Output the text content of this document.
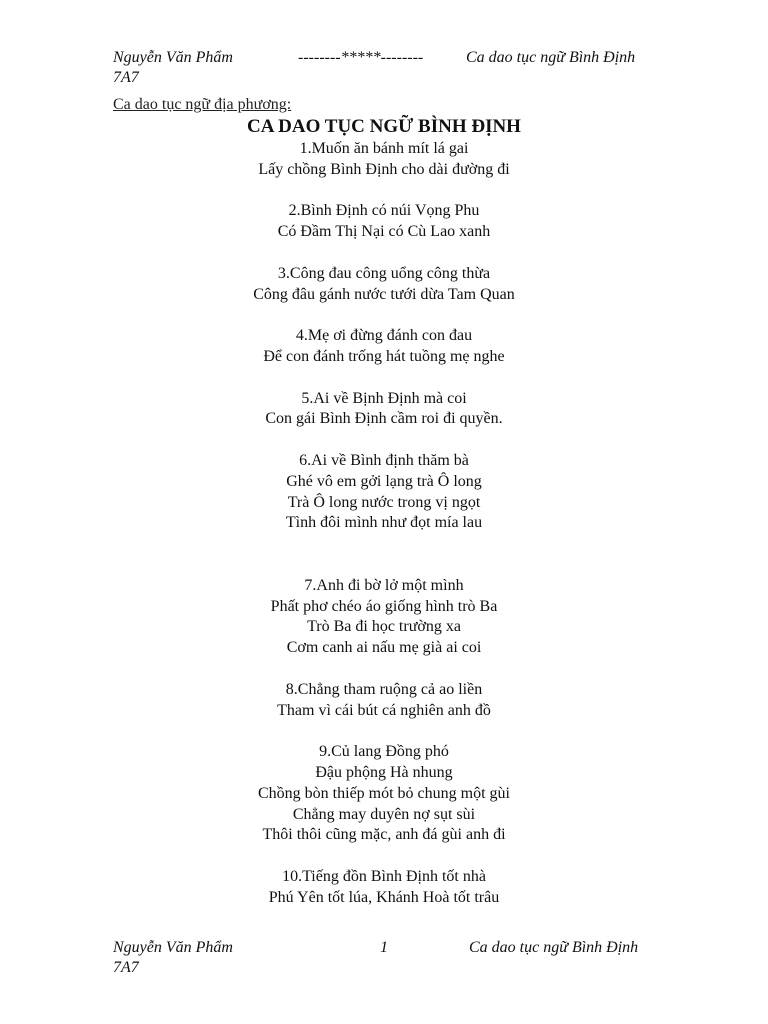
Nguyễn Văn Phẩm	--------*****--------	Ca dao tục ngữ Bình Định
7A7
Ca dao tục ngữ địa phương:
CA DAO TỤC NGỮ BÌNH ĐỊNH
1.Muốn ăn bánh mít lá gai
Lấy chồng Bình Định cho dài đường đi
2.Bình Định có núi Vọng Phu
Có Đầm Thị Nại có Cù Lao xanh
3.Công đau công uổng công thừa
Công đâu gánh nước tưới dừa Tam Quan
4.Mẹ ơi đừng đánh con đau
Để con đánh trống hát tuồng mẹ nghe
5.Ai về Bịnh Định mà coi
Con gái Bình Định cầm roi đi quyền.
6.Ai về Bình định thăm bà
Ghé vô em gởi lạng trà Ô long
Trà Ô long nước trong vị ngọt
Tình đôi mình như đọt mía lau
7.Anh đi bờ lở một mình
Phất phơ chéo áo giống hình trò Ba
Trò Ba đi học trường xa
Cơm canh ai nấu mẹ già ai coi
8.Chẳng tham ruộng cả ao liền
Tham vì cái bút cá nghiên anh đồ
9.Củ lang Đồng phó
Đậu phộng Hà nhung
Chồng bòn thiếp mót bỏ chung một gùi
Chẳng may duyên nợ sụt sùi
Thôi thôi cũng mặc, anh đá gùi anh đi
10.Tiếng đồn Bình Định tốt nhà
Phú Yên tốt lúa, Khánh Hoà tốt trâu
Nguyễn Văn Phẩm	1	Ca dao tục ngữ Bình Định
7A7
